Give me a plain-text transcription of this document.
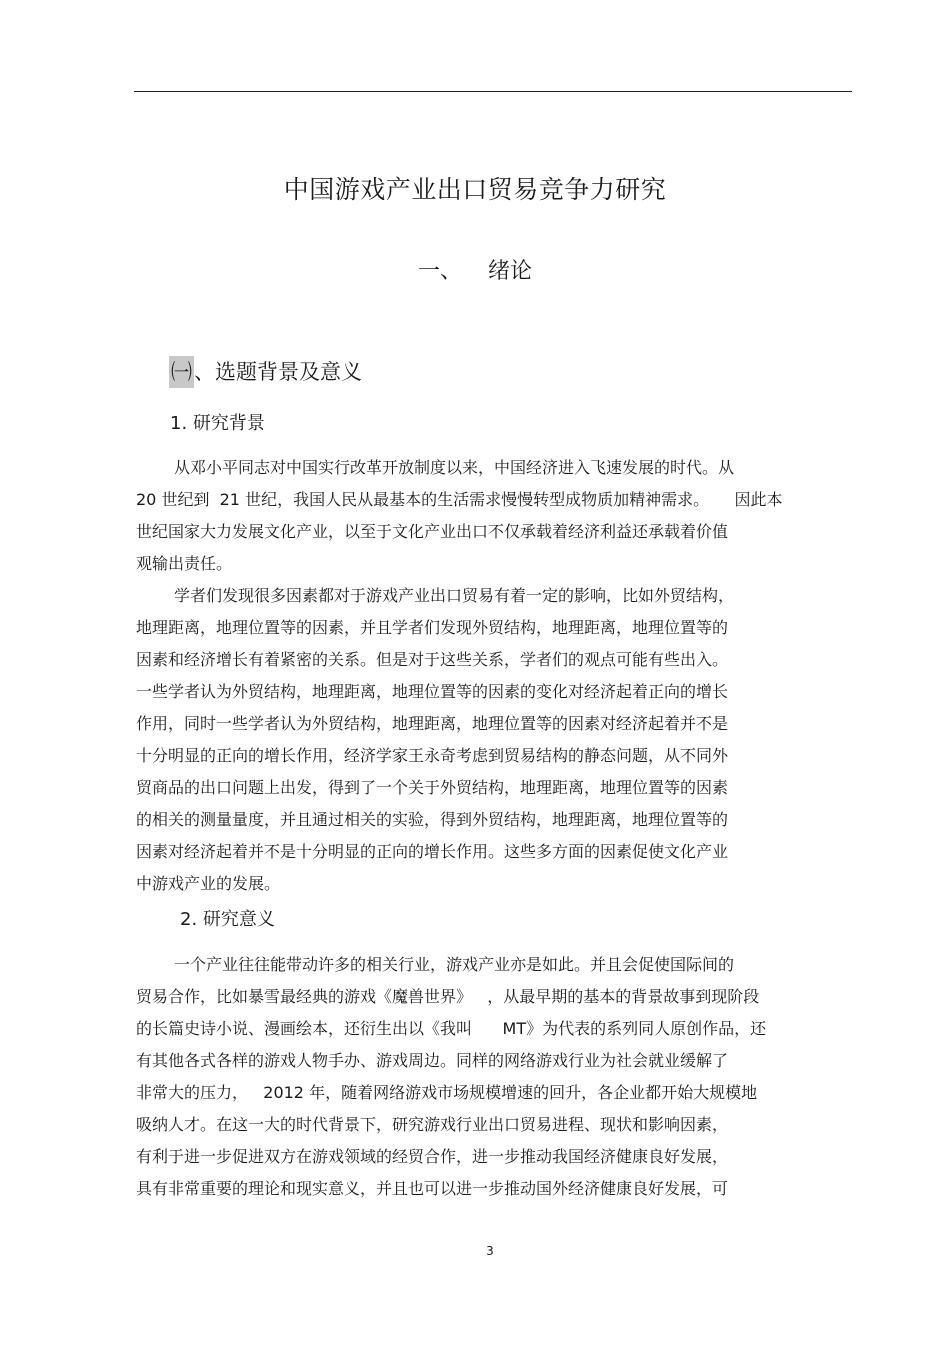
中国游戏产业出口贸易竞争力研究
一、 绪论
㈠、选题背景及意义
1. 研究背景
从邓小平同志对中国实行改革开放制度以来，中国经济进入飞速发展的时代。从
20 世纪到  21 世纪，我国人民从最基本的生活需求慢慢转型成物质加精神需求。     因此本
世纪国家大力发展文化产业，以至于文化产业出口不仅承载着经济利益还承载着价值
观输出责任。
学者们发现很多因素都对于游戏产业出口贸易有着一定的影响，比如外贸结构，
地理距离，地理位置等的因素，并且学者们发现外贸结构，地理距离，地理位置等的
因素和经济增长有着紧密的关系。但是对于这些关系，学者们的观点可能有些出入。
一些学者认为外贸结构，地理距离，地理位置等的因素的变化对经济起着正向的增长
作用，同时一些学者认为外贸结构，地理距离，地理位置等的因素对经济起着并不是
十分明显的正向的增长作用，经济学家王永奇考虑到贸易结构的静态问题，从不同外
贸商品的出口问题上出发，得到了一个关于外贸结构，地理距离，地理位置等的因素
的相关的测量量度，并且通过相关的实验，得到外贸结构，地理距离，地理位置等的
因素对经济起着并不是十分明显的正向的增长作用。这些多方面的因素促使文化产业
中游戏产业的发展。
2. 研究意义
一个产业往往能带动许多的相关行业，游戏产业亦是如此。并且会促使国际间的
贸易合作，比如暴雪最经典的游戏《魔兽世界》   ，从最早期的基本的背景故事到现阶段
的长篇史诗小说、漫画绘本，还衍生出以《我叫      MT》为代表的系列同人原创作品，还
有其他各式各样的游戏人物手办、游戏周边。同样的网络游戏行业为社会就业缓解了
非常大的压力，   2012 年，随着网络游戏市场规模增速的回升，各企业都开始大规模地
吸纳人才。在这一大的时代背景下，研究游戏行业出口贸易进程、现状和影响因素，
有利于进一步促进双方在游戏领域的经贸合作，进一步推动我国经济健康良好发展，
具有非常重要的理论和现实意义，并且也可以进一步推动国外经济健康良好发展，可
3
